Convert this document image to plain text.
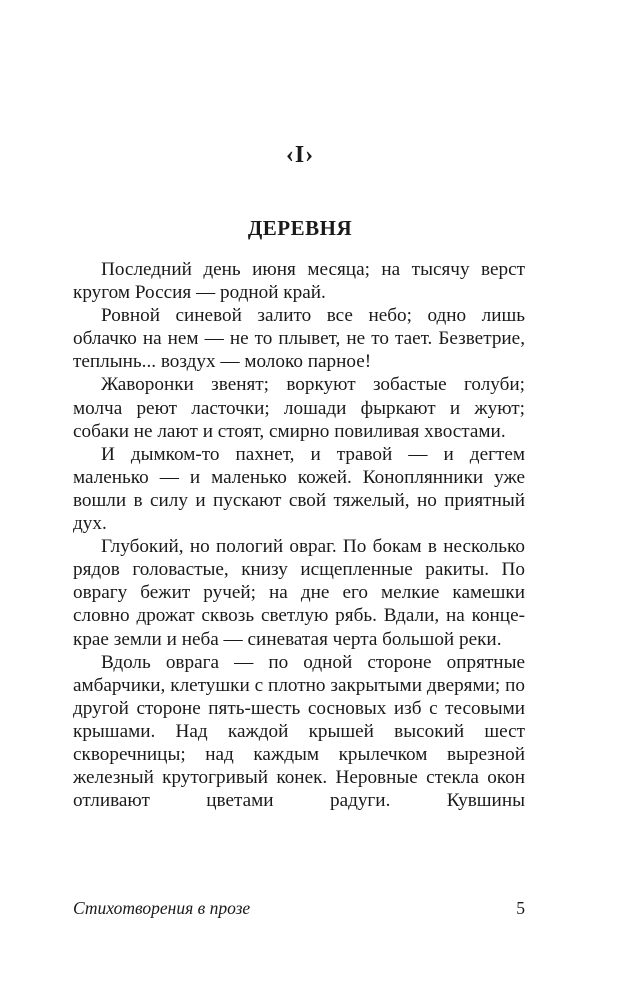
‹I›
ДЕРЕВНЯ

Последний день июня месяца; на тысячу верст кругом Россия — родной край.

Ровной синевой залито все небо; одно лишь облачко на нем — не то плывет, не то тает. Безветрие, теплынь... воздух — молоко парное!

Жаворонки звенят; воркуют зобастые голуби; молча реют ласточки; лошади фыркают и жуют; собаки не лают и стоят, смирно повиливая хвостами.

И дымком-то пахнет, и травой — и дегтем маленько — и маленько кожей. Коноплянники уже вошли в силу и пускают свой тяжелый, но приятный дух.

Глубокий, но пологий овраг. По бокам в несколько рядов головастые, книзу исщепленные ракиты. По оврагу бежит ручей; на дне его мелкие камешки словно дрожат сквозь светлую рябь. Вдали, на конце-крае земли и неба — синеватая черта большой реки.

Вдоль оврага — по одной стороне опрятные амбарчики, клетушки с плотно закрытыми дверями; по другой стороне пять-шесть сосновых изб с тесовыми крышами. Над каждой крышей высокий шест скворечницы; над каждым крылечком вырезной железный крутогривый конек. Неровные стекла окон отливают цветами радуги. Кувшины

Стихотворения в прозе	5
